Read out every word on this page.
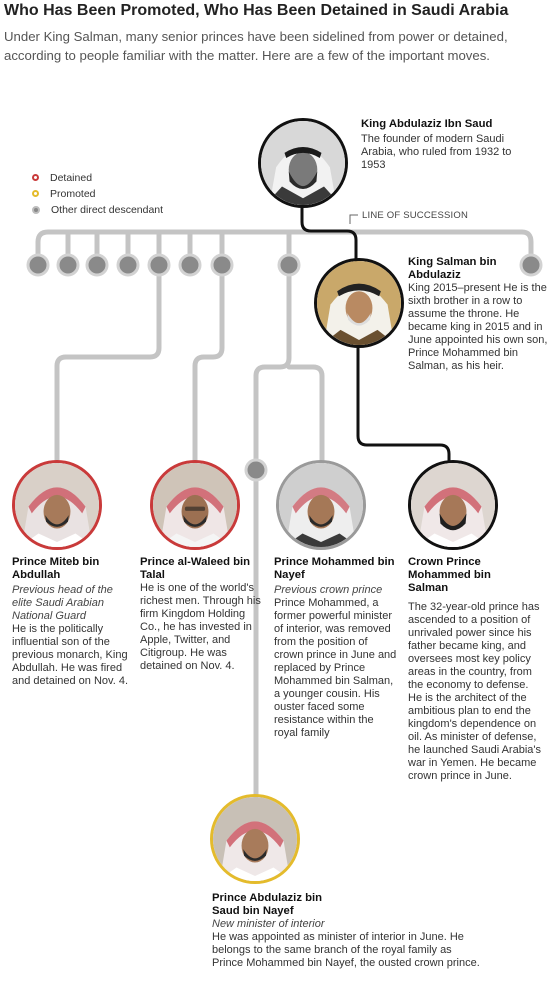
Who Has Been Promoted, Who Has Been Detained in Saudi Arabia
Under King Salman, many senior princes have been sidelined from power or detained, according to people familiar with the matter. Here are a few of the important moves.
Detained
Promoted
Other direct descendant	LINE OF SUCCESSION
King Abdulaziz Ibn Saud
The founder of modern Saudi Arabia, who ruled from 1932 to 1953
King Salman bin Abdulaziz
King 2015–present He is the sixth brother in a row to assume the throne. He became king in 2015 and in June appointed his own son, Prince Mohammed bin Salman, as his heir.
Prince Miteb bin Abdullah
Previous head of the elite Saudi Arabian National Guard
He is the politically influential son of the previous monarch, King Abdullah. He was fired and detained on Nov. 4.
Prince al-Waleed bin Talal
He is one of the world's richest men. Through his firm Kingdom Holding Co., he has invested in Apple, Twitter, and Citigroup. He was detained on Nov. 4.
Prince Mohammed bin Nayef
Previous crown prince
Prince Mohammed, a former powerful minister of interior, was removed from the position of crown prince in June and replaced by Prince Mohammed bin Salman, a younger cousin. His ouster faced some resistance within the royal family
Crown Prince Mohammed bin Salman
The 32-year-old prince has ascended to a position of unrivaled power since his father became king, and oversees most key policy areas in the country, from the economy to defense. He is the architect of the ambitious plan to end the kingdom's dependence on oil. As minister of defense, he launched Saudi Arabia's war in Yemen. He became crown prince in June.
Prince Abdulaziz bin Saud bin Nayef
New minister of interior
He was appointed as minister of interior in June. He belongs to the same branch of the royal family as Prince Mohammed bin Nayef, the ousted crown prince.
